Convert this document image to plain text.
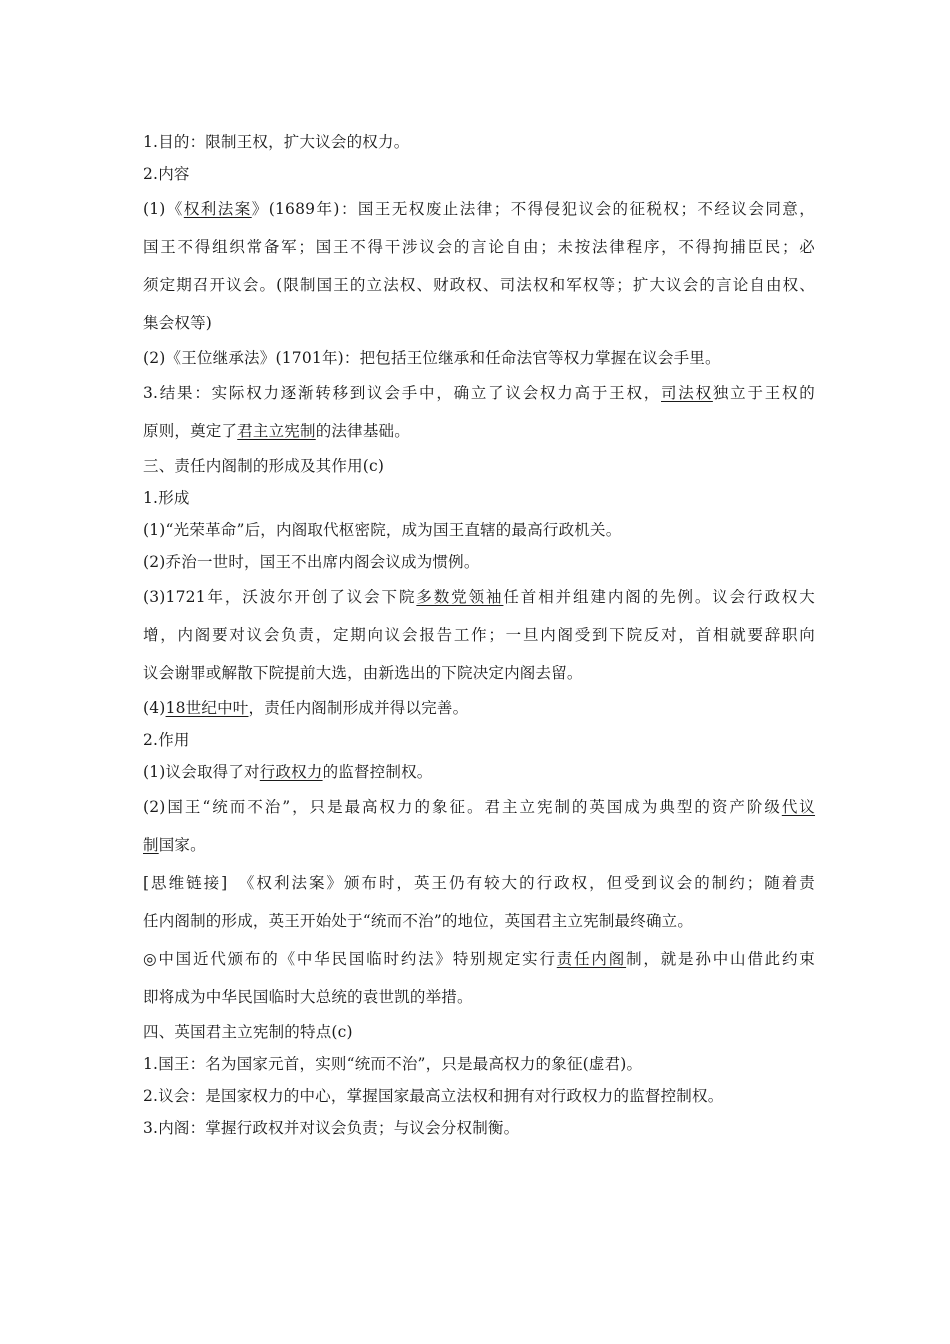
1.目的：限制王权，扩大议会的权力。
2.内容
(1)《权利法案》(1689年)：国王无权废止法律；不得侵犯议会的征税权；不经议会同意，
国王不得组织常备军；国王不得干涉议会的言论自由；未按法律程序，不得拘捕臣民；必
须定期召开议会。(限制国王的立法权、财政权、司法权和军权等；扩大议会的言论自由权、
集会权等)
(2)《王位继承法》(1701年)：把包括王位继承和任命法官等权力掌握在议会手里。
3.结果：实际权力逐渐转移到议会手中，确立了议会权力高于王权，司法权独立于王权的
原则，奠定了君主立宪制的法律基础。
三、责任内阁制的形成及其作用(c)
1.形成
(1)“光荣革命”后，内阁取代枢密院，成为国王直辖的最高行政机关。
(2)乔治一世时，国王不出席内阁会议成为惯例。
(3)1721年，沃波尔开创了议会下院多数党领袖任首相并组建内阁的先例。议会行政权大
增，内阁要对议会负责，定期向议会报告工作；一旦内阁受到下院反对，首相就要辞职向
议会谢罪或解散下院提前大选，由新选出的下院决定内阁去留。
(4)18世纪中叶，责任内阁制形成并得以完善。
2.作用
(1)议会取得了对行政权力的监督控制权。
(2)国王“统而不治”，只是最高权力的象征。君主立宪制的英国成为典型的资产阶级代议
制国家。
[思维链接]　《权利法案》颁布时，英王仍有较大的行政权，但受到议会的制约；随着责
任内阁制的形成，英王开始处于“统而不治”的地位，英国君主立宪制最终确立。
◎中国近代颁布的《中华民国临时约法》特别规定实行责任内阁制，就是孙中山借此约束
即将成为中华民国临时大总统的袁世凯的举措。
四、英国君主立宪制的特点(c)
1.国王：名为国家元首，实则“统而不治”，只是最高权力的象征(虚君)。
2.议会：是国家权力的中心，掌握国家最高立法权和拥有对行政权力的监督控制权。
3.内阁：掌握行政权并对议会负责；与议会分权制衡。
